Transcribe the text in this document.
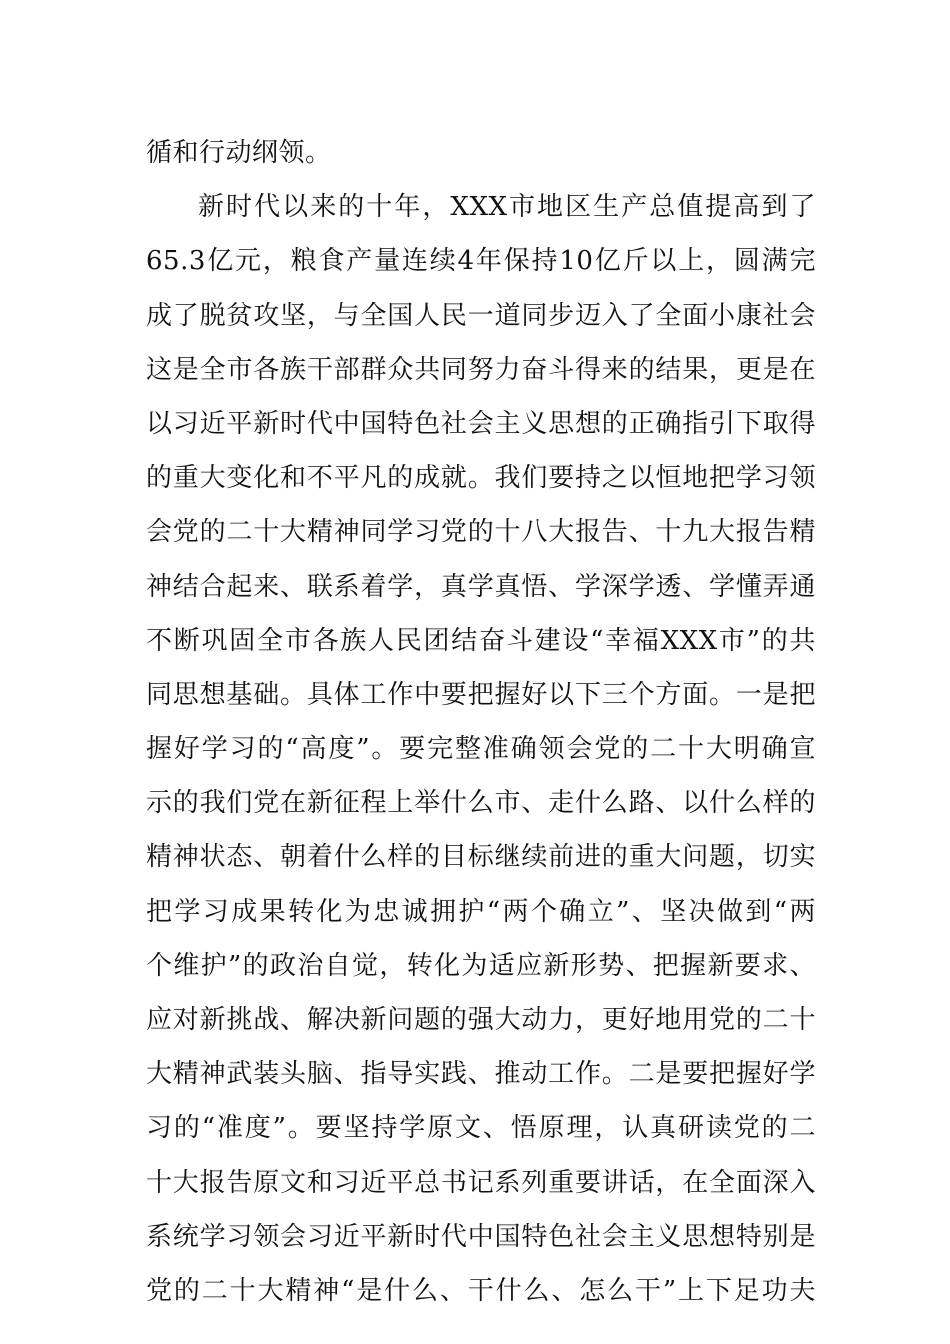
循和行动纲领。
新时代以来的十年，XXX市地区生产总值提高到了
65.3亿元，粮食产量连续4年保持10亿斤以上，圆满完
成了脱贫攻坚，与全国人民一道同步迈入了全面小康社会
这是全市各族干部群众共同努力奋斗得来的结果，更是在
以习近平新时代中国特色社会主义思想的正确指引下取得
的重大变化和不平凡的成就。我们要持之以恒地把学习领
会党的二十大精神同学习党的十八大报告、十九大报告精
神结合起来、联系着学，真学真悟、学深学透、学懂弄通
不断巩固全市各族人民团结奋斗建设“幸福XXX市”的共
同思想基础。具体工作中要把握好以下三个方面。一是把
握好学习的“高度”。要完整准确领会党的二十大明确宣
示的我们党在新征程上举什么市、走什么路、以什么样的
精神状态、朝着什么样的目标继续前进的重大问题，切实
把学习成果转化为忠诚拥护“两个确立”、坚决做到“两
个维护”的政治自觉，转化为适应新形势、把握新要求、
应对新挑战、解决新问题的强大动力，更好地用党的二十
大精神武装头脑、指导实践、推动工作。二是要把握好学
习的“准度”。要坚持学原文、悟原理，认真研读党的二
十大报告原文和习近平总书记系列重要讲话，在全面深入
系统学习领会习近平新时代中国特色社会主义思想特别是
党的二十大精神“是什么、干什么、怎么干”上下足功夫
